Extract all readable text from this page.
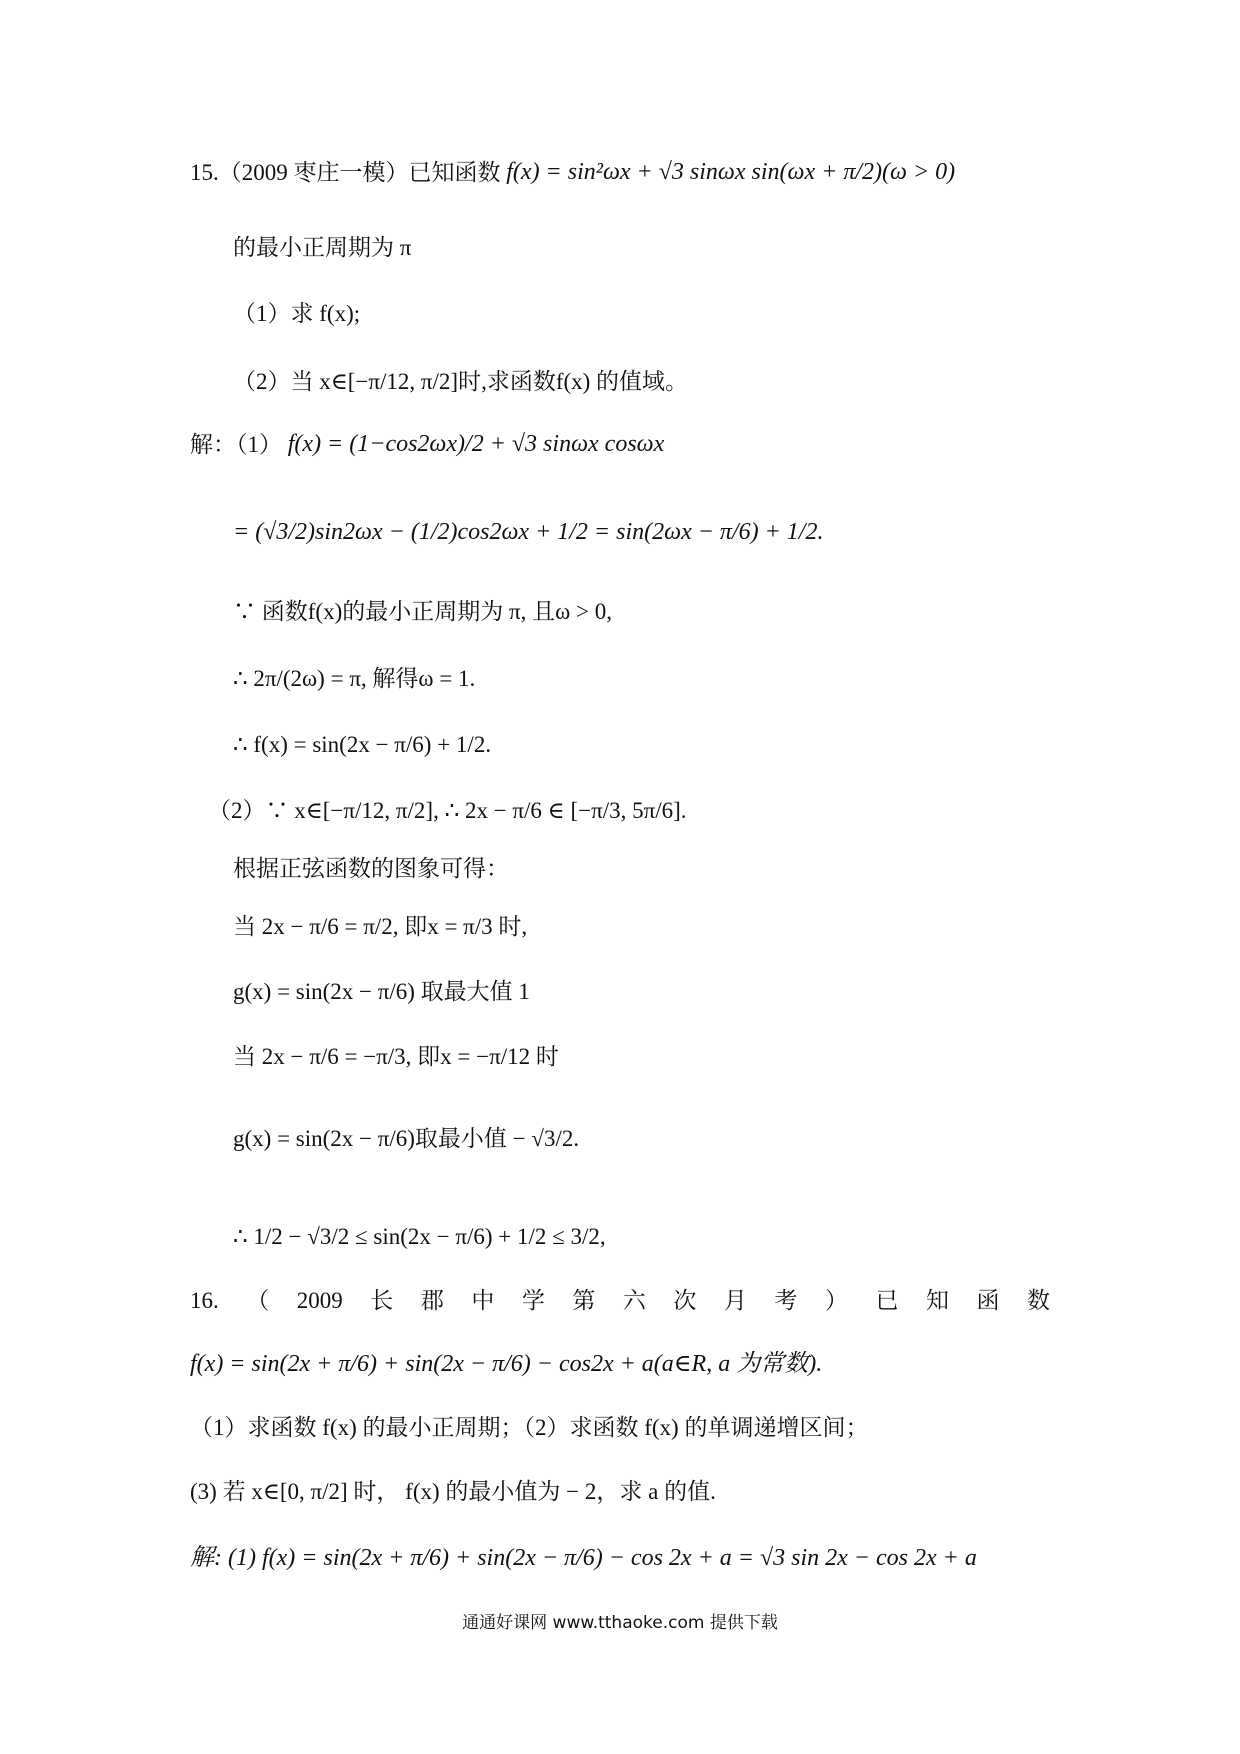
15.（2009 枣庄一模）已知函数
f(x) = sin²ωx + √3 sinωx sin(ωx + π/2)(ω > 0)
的最小正周期为 π
（1）求 f(x);
（2）当 x∈[−π/12, π/2]时,求函数f(x) 的值域。
解：（1）
f(x) = (1−cos2ωx)/2 + √3 sinωx cosωx
= (√3/2)sin2ωx − (1/2)cos2ωx + 1/2 = sin(2ωx − π/6) + 1/2.
∵ 函数f(x)的最小正周期为 π, 且ω > 0,
∴ 2π/(2ω) = π, 解得ω = 1.
∴ f(x) = sin(2x − π/6) + 1/2.
（2）∵ x∈[−π/12, π/2], ∴ 2x − π/6 ∈ [−π/3, 5π/6].
根据正弦函数的图象可得：
当 2x − π/6 = π/2, 即x = π/3 时,
g(x) = sin(2x − π/6) 取最大值 1
当 2x − π/6 = −π/3, 即x = −π/12 时
g(x) = sin(2x − π/6)取最小值 − √3/2.
∴ 1/2 − √3/2 ≤ sin(2x − π/6) + 1/2 ≤ 3/2,
16. （ 2009 长 郡 中 学 第 六 次 月 考 ） 已 知 函 数
f(x) = sin(2x + π/6) + sin(2x − π/6) − cos2x + a(a∈R, a 为常数).
（1）求函数 f(x) 的最小正周期；（2）求函数 f(x) 的单调递增区间；
(3) 若 x∈[0, π/2] 时， f(x) 的最小值为 − 2，求 a 的值.
解: (1) f(x) = sin(2x + π/6) + sin(2x − π/6) − cos 2x + a = √3 sin 2x − cos 2x + a
通通好课网 www.tthaoke.com 提供下载
